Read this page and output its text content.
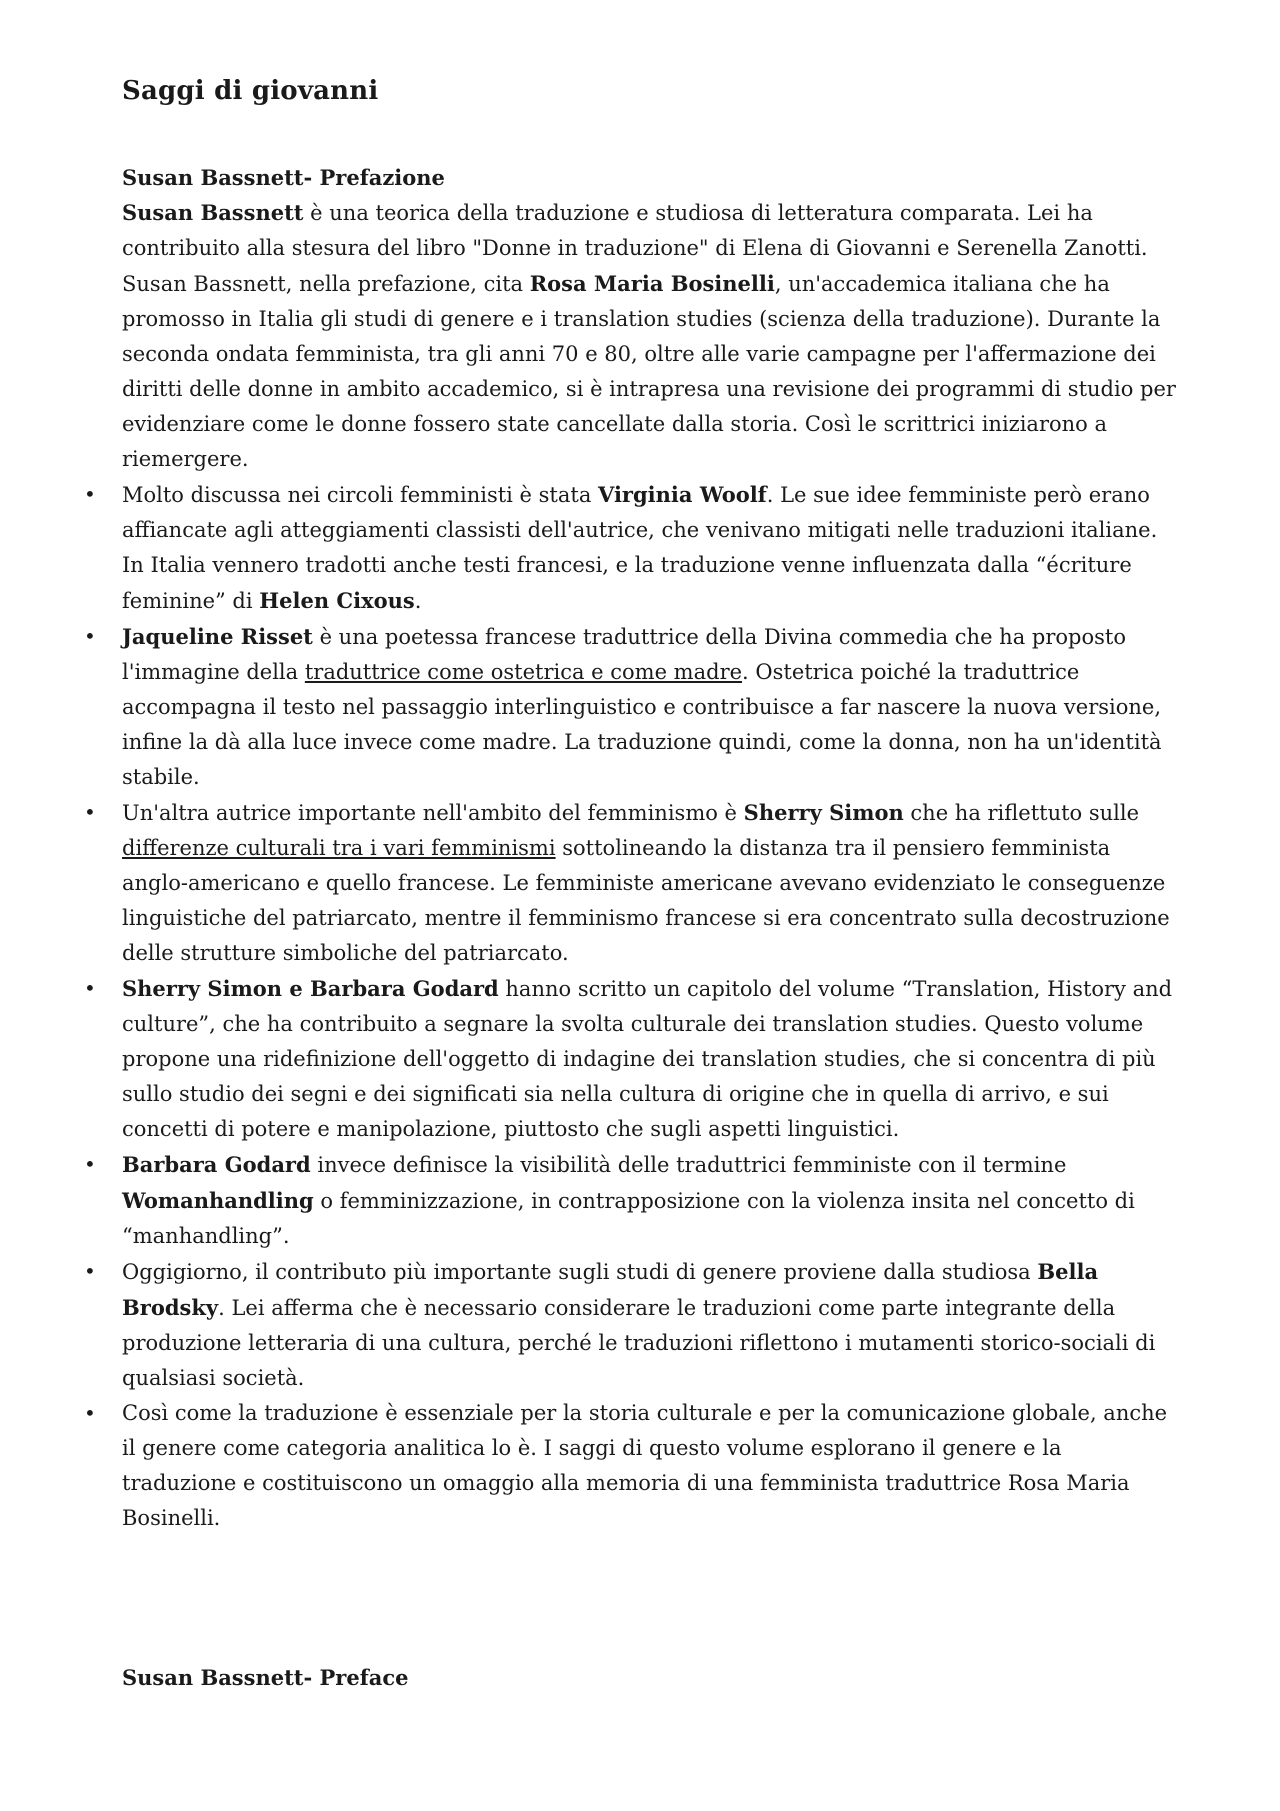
Saggi di giovanni

Susan Bassnett- Prefazione

Susan Bassnett è una teorica della traduzione e studiosa di letteratura comparata. Lei ha contribuito alla stesura del libro "Donne in traduzione" di Elena di Giovanni e Serenella Zanotti.

Susan Bassnett, nella prefazione, cita Rosa Maria Bosinelli, un'accademica italiana che ha promosso in Italia gli studi di genere e i translation studies (scienza della traduzione). Durante la seconda ondata femminista, tra gli anni 70 e 80, oltre alle varie campagne per l'affermazione dei diritti delle donne in ambito accademico, si è intrapresa una revisione dei programmi di studio per evidenziare come le donne fossero state cancellate dalla storia. Così le scrittrici iniziarono a riemergere.

• Molto discussa nei circoli femministi è stata Virginia Woolf. Le sue idee femministe però erano affiancate agli atteggiamenti classisti dell'autrice, che venivano mitigati nelle traduzioni italiane. In Italia vennero tradotti anche testi francesi, e la traduzione venne influenzata dalla “écriture feminine” di Helen Cixous.
• Jaqueline Risset è una poetessa francese traduttrice della Divina commedia che ha proposto l'immagine della traduttrice come ostetrica e come madre. Ostetrica poiché la traduttrice accompagna il testo nel passaggio interlinguistico e contribuisce a far nascere la nuova versione, infine la dà alla luce invece come madre. La traduzione quindi, come la donna, non ha un'identità stabile.
• Un'altra autrice importante nell'ambito del femminismo è Sherry Simon che ha riflettuto sulle differenze culturali tra i vari femminismi sottolineando la distanza tra il pensiero femminista anglo-americano e quello francese. Le femministe americane avevano evidenziato le conseguenze linguistiche del patriarcato, mentre il femminismo francese si era concentrato sulla decostruzione delle strutture simboliche del patriarcato.
• Sherry Simon e Barbara Godard hanno scritto un capitolo del volume “Translation, History and culture”, che ha contribuito a segnare la svolta culturale dei translation studies. Questo volume propone una ridefinizione dell'oggetto di indagine dei translation studies, che si concentra di più sullo studio dei segni e dei significati sia nella cultura di origine che in quella di arrivo, e sui concetti di potere e manipolazione, piuttosto che sugli aspetti linguistici.
• Barbara Godard invece definisce la visibilità delle traduttrici femministe con il termine Womanhandling o femminizzazione, in contrapposizione con la violenza insita nel concetto di “manhandling”.
• Oggigiorno, il contributo più importante sugli studi di genere proviene dalla studiosa Bella Brodsky. Lei afferma che è necessario considerare le traduzioni come parte integrante della produzione letteraria di una cultura, perché le traduzioni riflettono i mutamenti storico-sociali di qualsiasi società.
• Così come la traduzione è essenziale per la storia culturale e per la comunicazione globale, anche il genere come categoria analitica lo è. I saggi di questo volume esplorano il genere e la traduzione e costituiscono un omaggio alla memoria di una femminista traduttrice Rosa Maria Bosinelli.
Susan Bassnett- Preface
